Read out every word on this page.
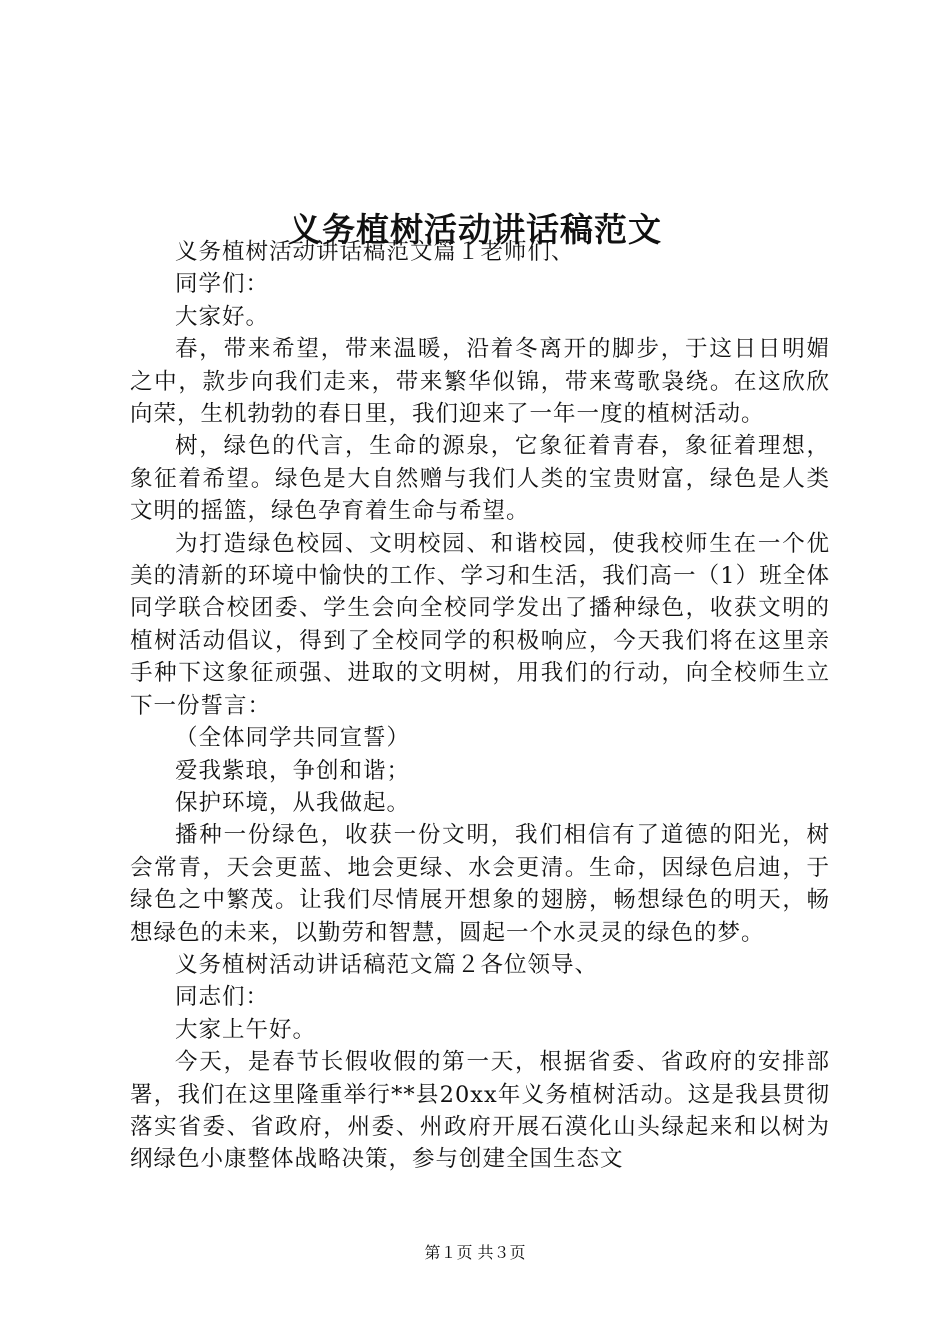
义务植树活动讲话稿范文

义务植树活动讲话稿范文篇１老师们、

同学们：

大家好。

春，带来希望，带来温暖，沿着冬离开的脚步，于这日日明媚之中，款步向我们走来，带来繁华似锦，带来莺歌袅绕。在这欣欣向荣，生机勃勃的春日里，我们迎来了一年一度的植树活动。

树，绿色的代言，生命的源泉，它象征着青春，象征着理想，象征着希望。绿色是大自然赠与我们人类的宝贵财富，绿色是人类文明的摇篮，绿色孕育着生命与希望。

为打造绿色校园、文明校园、和谐校园，使我校师生在一个优美的清新的环境中愉快的工作、学习和生活，我们高一（1）班全体同学联合校团委、学生会向全校同学发出了播种绿色，收获文明的植树活动倡议，得到了全校同学的积极响应，今天我们将在这里亲手种下这象征顽强、进取的文明树，用我们的行动，向全校师生立下一份誓言：

（全体同学共同宣誓）

爱我紫琅，争创和谐；

保护环境，从我做起。

播种一份绿色，收获一份文明，我们相信有了道德的阳光，树会常青，天会更蓝、地会更绿、水会更清。生命，因绿色启迪，于绿色之中繁茂。让我们尽情展开想象的翅膀，畅想绿色的明天，畅想绿色的未来，以勤劳和智慧，圆起一个水灵灵的绿色的梦。

义务植树活动讲话稿范文篇２各位领导、

同志们：

大家上午好。

今天，是春节长假收假的第一天，根据省委、省政府的安排部署，我们在这里隆重举行**县20xx年义务植树活动。这是我县贯彻落实省委、省政府，州委、州政府开展石漠化山头绿起来和以树为纲绿色小康整体战略决策，参与创建全国生态文

第１页 共３页
